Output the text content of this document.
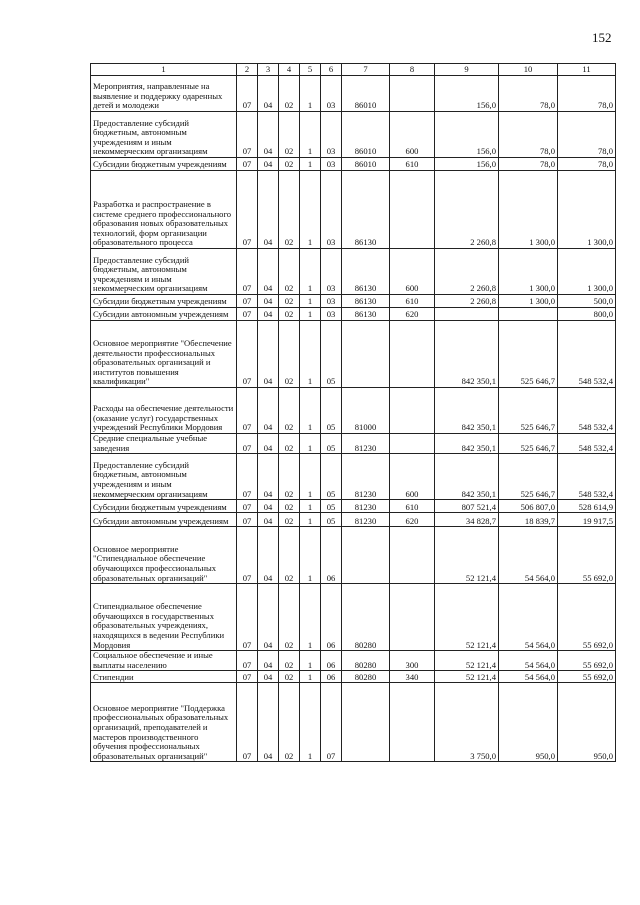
152
1	2	3	4	5	6	7	8	9	10	11
Мероприятия, направленные на выявление и поддержку одаренных детей и молодежи	07	04	02	1	03	86010		156,0	78,0	78,0
Предоставление субсидий бюджетным, автономным учреждениям и иным некоммерческим организациям	07	04	02	1	03	86010	600	156,0	78,0	78,0
Субсидии бюджетным учреждениям	07	04	02	1	03	86010	610	156,0	78,0	78,0
Разработка и распространение в системе среднего профессионального образования новых образовательных технологий, форм организации образовательного процесса	07	04	02	1	03	86130		2 260,8	1 300,0	1 300,0
Предоставление субсидий бюджетным, автономным учреждениям и иным некоммерческим организациям	07	04	02	1	03	86130	600	2 260,8	1 300,0	1 300,0
Субсидии бюджетным учреждениям	07	04	02	1	03	86130	610	2 260,8	1 300,0	500,0
Субсидии автономным учреждениям	07	04	02	1	03	86130	620			800,0
Основное мероприятие "Обеспечение деятельности профессиональных образовательных организаций и институтов повышения квалификации"	07	04	02	1	05			842 350,1	525 646,7	548 532,4
Расходы на обеспечение деятельности (оказание услуг) государственных учреждений Республики Мордовия	07	04	02	1	05	81000		842 350,1	525 646,7	548 532,4
Средние специальные учебные заведения	07	04	02	1	05	81230		842 350,1	525 646,7	548 532,4
Предоставление субсидий бюджетным, автономным учреждениям и иным некоммерческим организациям	07	04	02	1	05	81230	600	842 350,1	525 646,7	548 532,4
Субсидии бюджетным учреждениям	07	04	02	1	05	81230	610	807 521,4	506 807,0	528 614,9
Субсидии автономным учреждениям	07	04	02	1	05	81230	620	34 828,7	18 839,7	19 917,5
Основное мероприятие "Стипендиальное обеспечение обучающихся профессиональных образовательных организаций"	07	04	02	1	06			52 121,4	54 564,0	55 692,0
Стипендиальное обеспечение обучающихся в государственных образовательных учреждениях, находящихся в ведении Республики Мордовия	07	04	02	1	06	80280		52 121,4	54 564,0	55 692,0
Социальное обеспечение и иные выплаты населению	07	04	02	1	06	80280	300	52 121,4	54 564,0	55 692,0
Стипендии	07	04	02	1	06	80280	340	52 121,4	54 564,0	55 692,0
Основное мероприятие "Поддержка профессиональных образовательных организаций, преподавателей и мастеров производственного обучения профессиональных образовательных организаций"	07	04	02	1	07			3 750,0	950,0	950,0
